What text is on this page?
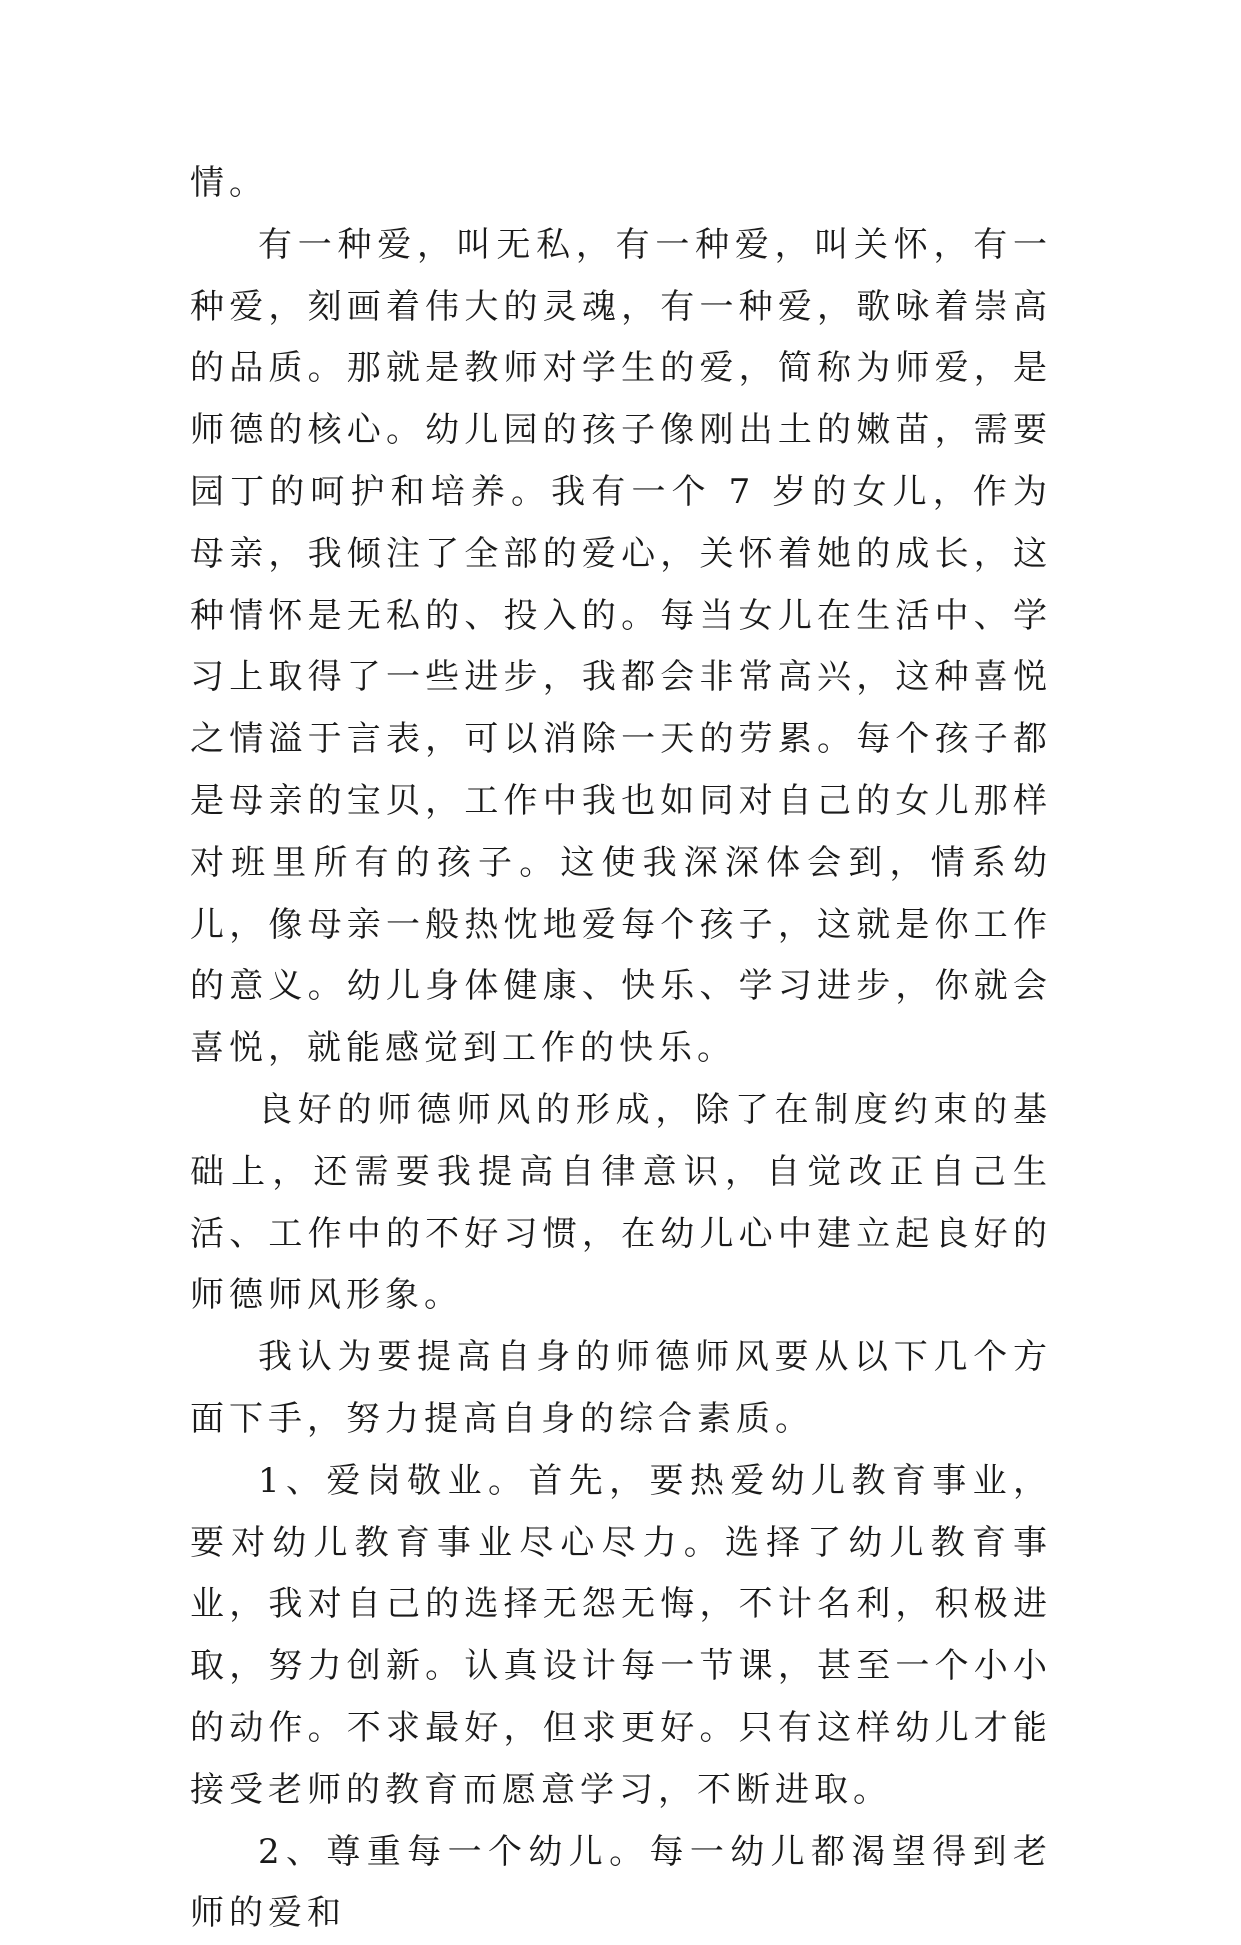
情。

有一种爱，叫无私，有一种爱，叫关怀，有一种爱，刻画着伟大的灵魂，有一种爱，歌咏着崇高的品质。那就是教师对学生的爱，简称为师爱，是师德的核心。幼儿园的孩子像刚出土的嫩苗，需要园丁的呵护和培养。我有一个 7 岁的女儿，作为母亲，我倾注了全部的爱心，关怀着她的成长，这种情怀是无私的、投入的。每当女儿在生活中、学习上取得了一些进步，我都会非常高兴，这种喜悦之情溢于言表，可以消除一天的劳累。每个孩子都是母亲的宝贝，工作中我也如同对自己的女儿那样对班里所有的孩子。这使我深深体会到，情系幼儿，像母亲一般热忱地爱每个孩子，这就是你工作的意义。幼儿身体健康、快乐、学习进步，你就会喜悦，就能感觉到工作的快乐。

良好的师德师风的形成，除了在制度约束的基础上，还需要我提高自律意识，自觉改正自己生活、工作中的不好习惯，在幼儿心中建立起良好的师德师风形象。

我认为要提高自身的师德师风要从以下几个方面下手，努力提高自身的综合素质。

1、爱岗敬业。首先，要热爱幼儿教育事业，要对幼儿教育事业尽心尽力。选择了幼儿教育事业，我对自己的选择无怨无悔，不计名利，积极进取，努力创新。认真设计每一节课，甚至一个小小的动作。不求最好，但求更好。只有这样幼儿才能接受老师的教育而愿意学习，不断进取。

2、尊重每一个幼儿。每一幼儿都渴望得到老师的爱和
